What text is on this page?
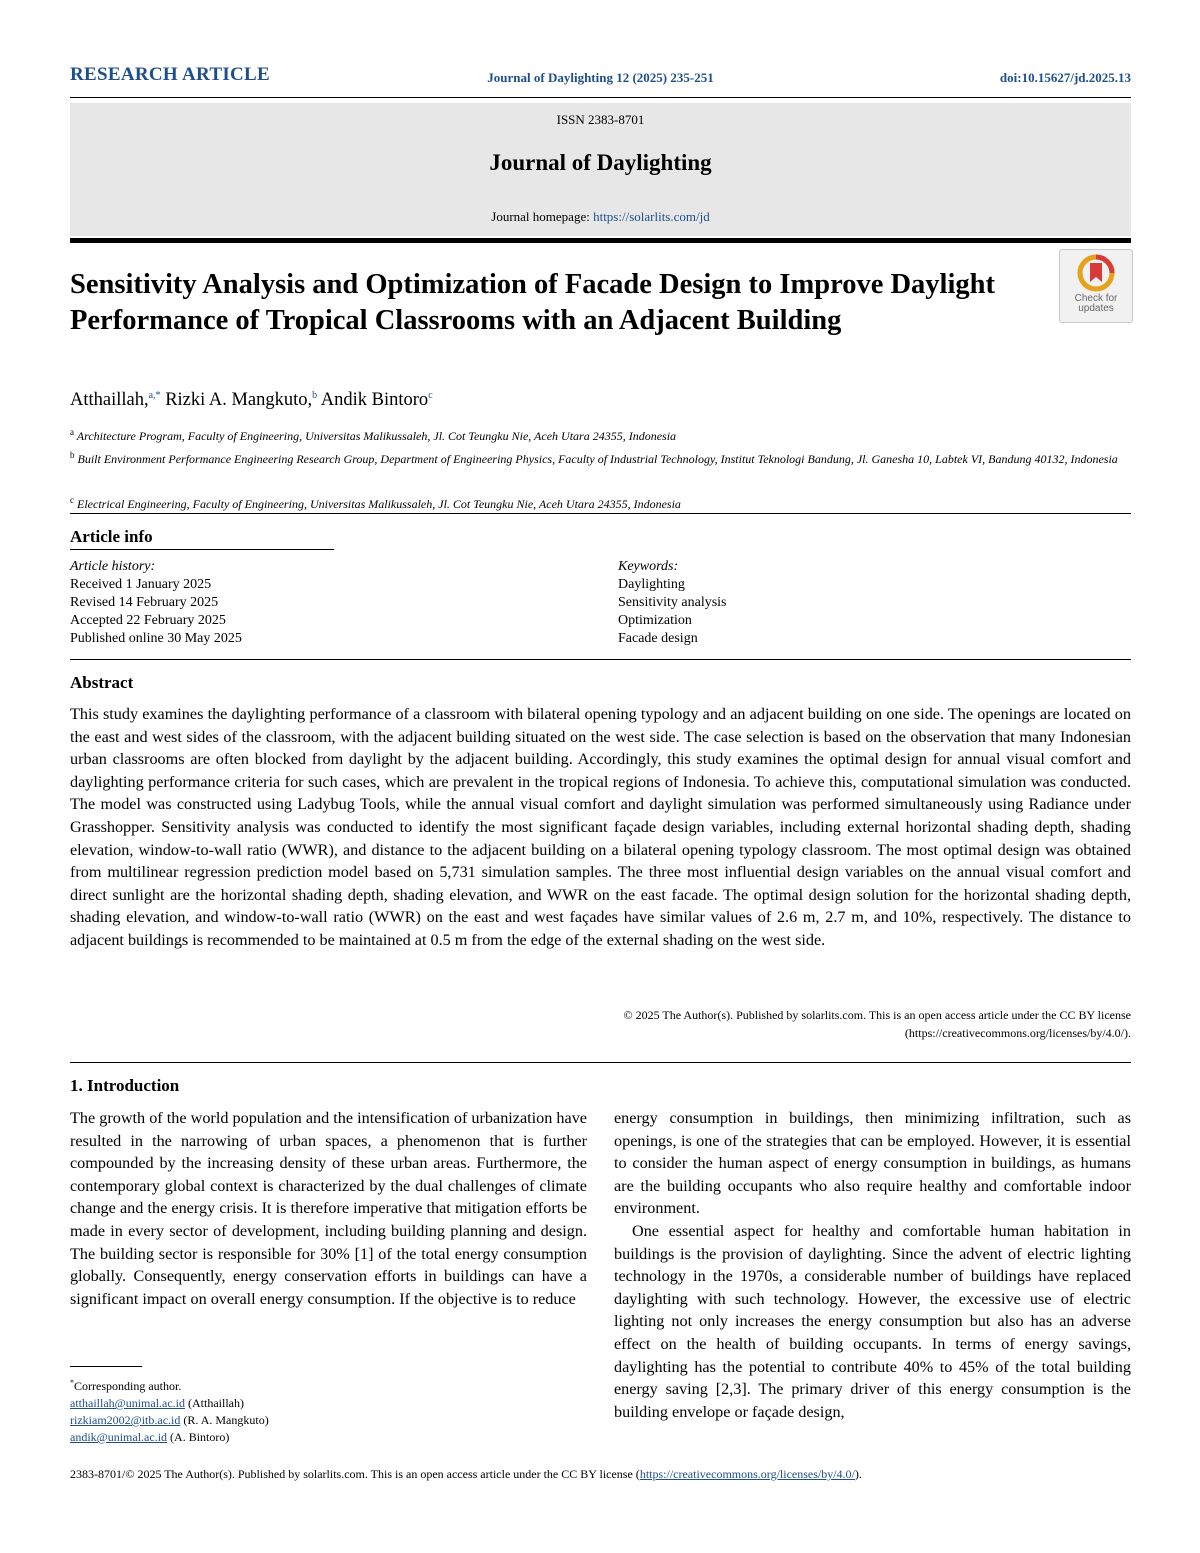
RESEARCH ARTICLE	Journal of Daylighting 12 (2025) 235-251	doi:10.15627/jd.2025.13
ISSN 2383-8701
Journal of Daylighting
Journal homepage: https://solarlits.com/jd
Sensitivity Analysis and Optimization of Facade Design to Improve Daylight Performance of Tropical Classrooms with an Adjacent Building
Check for
updates
Atthaillah,$^{a,*}$ Rizki A. Mangkuto,$^b$ Andik Bintoro$^c$
$^a$ Architecture Program, Faculty of Engineering, Universitas Malikussaleh, Jl. Cot Teungku Nie, Aceh Utara 24355, Indonesia
$^b$ Built Environment Performance Engineering Research Group, Department of Engineering Physics, Faculty of Industrial Technology, Institut Teknologi Bandung, Jl. Ganesha 10, Labtek VI, Bandung 40132, Indonesia
$^c$ Electrical Engineering, Faculty of Engineering, Universitas Malikussaleh, Jl. Cot Teungku Nie, Aceh Utara 24355, Indonesia
Article info
Article history:
Received 1 January 2025
Revised 14 February 2025
Accepted 22 February 2025
Published online 30 May 2025
Keywords:
Daylighting
Sensitivity analysis
Optimization
Facade design
Abstract
This study examines the daylighting performance of a classroom with bilateral opening typology and an adjacent building on one side. The openings are located on the east and west sides of the classroom, with the adjacent building situated on the west side. The case selection is based on the observation that many Indonesian urban classrooms are often blocked from daylight by the adjacent building. Accordingly, this study examines the optimal design for annual visual comfort and daylighting performance criteria for such cases, which are prevalent in the tropical regions of Indonesia. To achieve this, computational simulation was conducted. The model was constructed using Ladybug Tools, while the annual visual comfort and daylight simulation was performed simultaneously using Radiance under Grasshopper. Sensitivity analysis was conducted to identify the most significant façade design variables, including external horizontal shading depth, shading elevation, window-to-wall ratio (WWR), and distance to the adjacent building on a bilateral opening typology classroom. The most optimal design was obtained from multilinear regression prediction model based on 5,731 simulation samples. The three most influential design variables on the annual visual comfort and direct sunlight are the horizontal shading depth, shading elevation, and WWR on the east facade. The optimal design solution for the horizontal shading depth, shading elevation, and window-to-wall ratio (WWR) on the east and west façades have similar values of 2.6 m, 2.7 m, and 10%, respectively. The distance to adjacent buildings is recommended to be maintained at 0.5 m from the edge of the external shading on the west side.
© 2025 The Author(s). Published by solarlits.com. This is an open access article under the CC BY license
(https://creativecommons.org/licenses/by/4.0/).
1. Introduction

The growth of the world population and the intensification of urbanization have resulted in the narrowing of urban spaces, a phenomenon that is further compounded by the increasing density of these urban areas. Furthermore, the contemporary global context is characterized by the dual challenges of climate change and the energy crisis. It is therefore imperative that mitigation efforts be made in every sector of development, including building planning and design. The building sector is responsible for 30% [1] of the total energy consumption globally. Consequently, energy conservation efforts in buildings can have a significant impact on overall energy consumption. If the objective is to reduce

energy consumption in buildings, then minimizing infiltration, such as openings, is one of the strategies that can be employed. However, it is essential to consider the human aspect of energy consumption in buildings, as humans are the building occupants who also require healthy and comfortable indoor environment.

One essential aspect for healthy and comfortable human habitation in buildings is the provision of daylighting. Since the advent of electric lighting technology in the 1970s, a considerable number of buildings have replaced daylighting with such technology. However, the excessive use of electric lighting not only increases the energy consumption but also has an adverse effect on the health of building occupants. In terms of energy savings, daylighting has the potential to contribute 40% to 45% of the total building energy saving [2,3]. The primary driver of this energy consumption is the building envelope or façade design,

*Corresponding author.
atthaillah@unimal.ac.id (Atthaillah)
rizkiam2002@itb.ac.id (R. A. Mangkuto)
andik@unimal.ac.id (A. Bintoro)
2383-8701/© 2025 The Author(s). Published by solarlits.com. This is an open access article under the CC BY license (https://creativecommons.org/licenses/by/4.0/).
